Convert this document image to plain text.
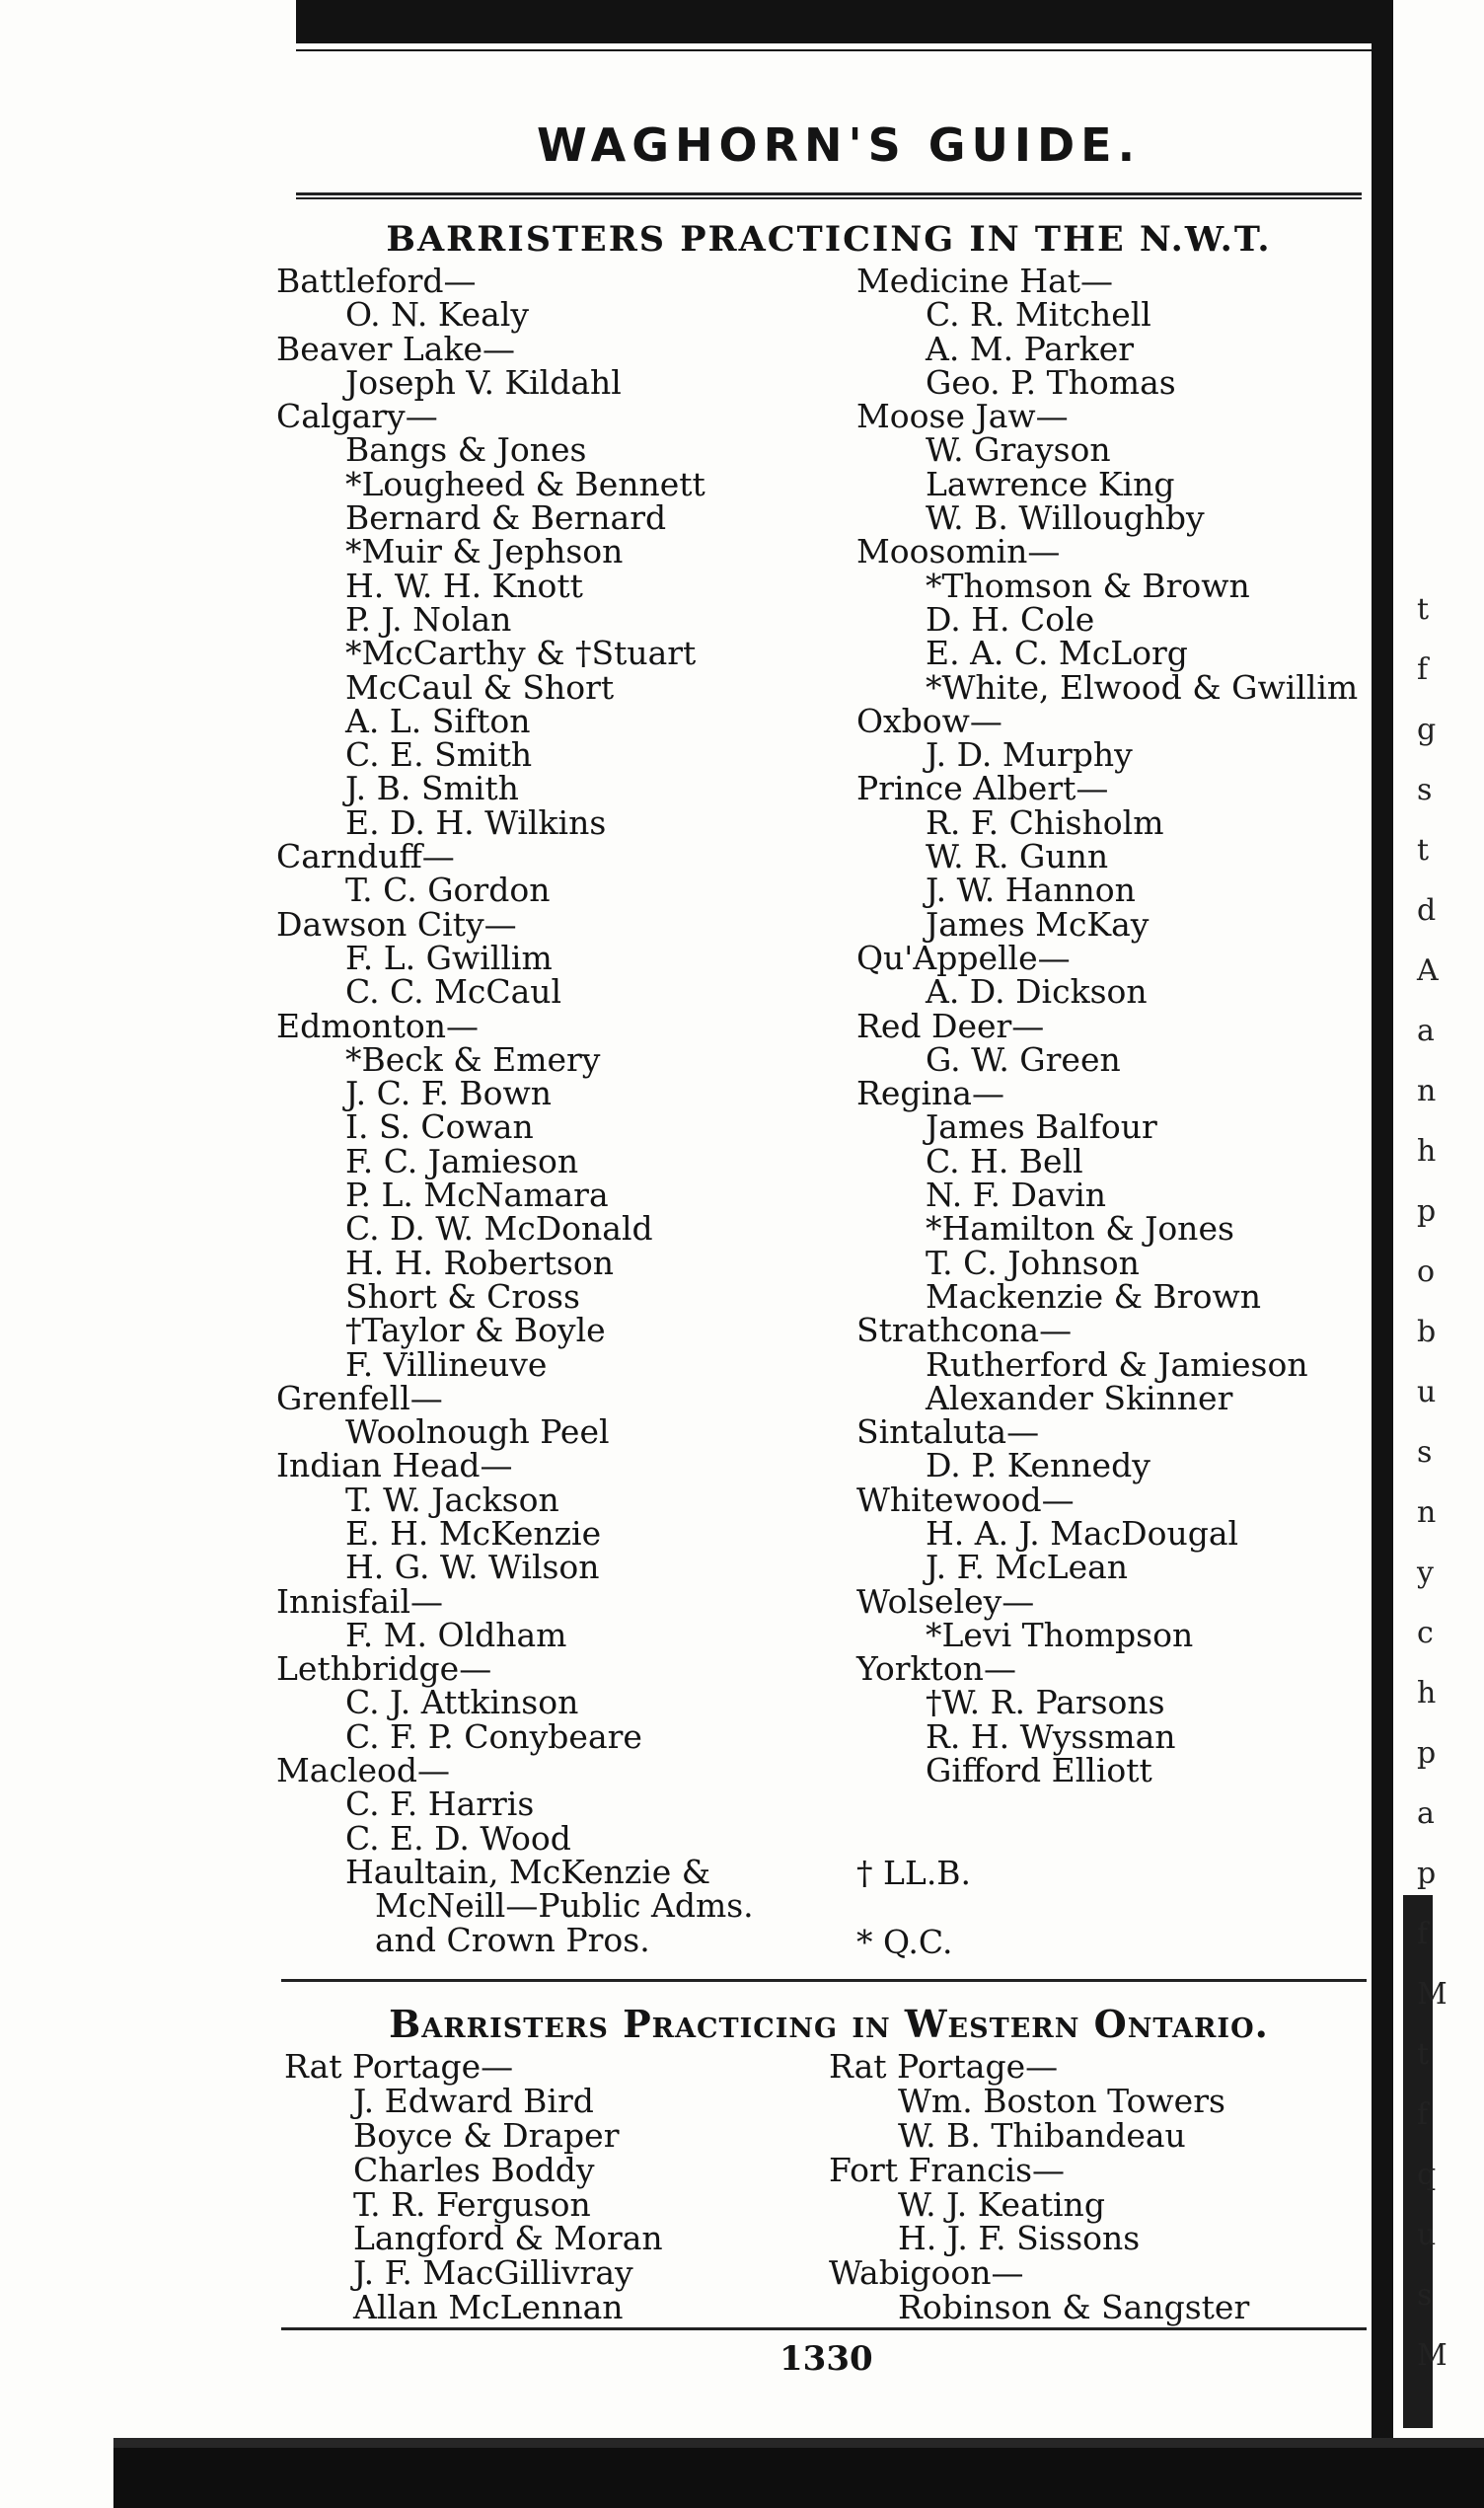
WAGHORN'S GUIDE.
BARRISTERS PRACTICING IN THE N.W.T.
Battleford—
O. N. Kealy
Beaver Lake—
Joseph V. Kildahl
Calgary—
Bangs & Jones
*Lougheed & Bennett
Bernard & Bernard
*Muir & Jephson
H. W. H. Knott
P. J. Nolan
*McCarthy & †Stuart
McCaul & Short
A. L. Sifton
C. E. Smith
J. B. Smith
E. D. H. Wilkins
Carnduff—
T. C. Gordon
Dawson City—
F. L. Gwillim
C. C. McCaul
Edmonton—
*Beck & Emery
J. C. F. Bown
I. S. Cowan
F. C. Jamieson
P. L. McNamara
C. D. W. McDonald
H. H. Robertson
Short & Cross
†Taylor & Boyle
F. Villineuve
Grenfell—
Woolnough Peel
Indian Head—
T. W. Jackson
E. H. McKenzie
H. G. W. Wilson
Innisfail—
F. M. Oldham
Lethbridge—
C. J. Attkinson
C. F. P. Conybeare
Macleod—
C. F. Harris
C. E. D. Wood
Haultain, McKenzie &
McNeill—Public Adms.
and Crown Pros.
Medicine Hat—
C. R. Mitchell
A. M. Parker
Geo. P. Thomas
Moose Jaw—
W. Grayson
Lawrence King
W. B. Willoughby
Moosomin—
*Thomson & Brown
D. H. Cole
E. A. C. McLorg
*White, Elwood & Gwillim
Oxbow—
J. D. Murphy
Prince Albert—
R. F. Chisholm
W. R. Gunn
J. W. Hannon
James McKay
Qu'Appelle—
A. D. Dickson
Red Deer—
G. W. Green
Regina—
James Balfour
C. H. Bell
N. F. Davin
*Hamilton & Jones
T. C. Johnson
Mackenzie & Brown
Strathcona—
Rutherford & Jamieson
Alexander Skinner
Sintaluta—
D. P. Kennedy
Whitewood—
H. A. J. MacDougal
J. F. McLean
Wolseley—
*Levi Thompson
Yorkton—
†W. R. Parsons
R. H. Wyssman
Gifford Elliott
† LL.B.
* Q.C.
Barristers Practicing in Western Ontario.
Rat Portage—
J. Edward Bird
Boyce & Draper
Charles Boddy
T. R. Ferguson
Langford & Moran
J. F. MacGillivray
Allan McLennan
Rat Portage—
Wm. Boston Towers
W. B. Thibandeau
Fort Francis—
W. J. Keating
H. J. F. Sissons
Wabigoon—
Robinson & Sangster
1330
t
f
g
s
t
d
A
a
n
h
p
o
b
u
s
n
y
c
h
p
a
p
f
M
t
f
q
u
s
M
